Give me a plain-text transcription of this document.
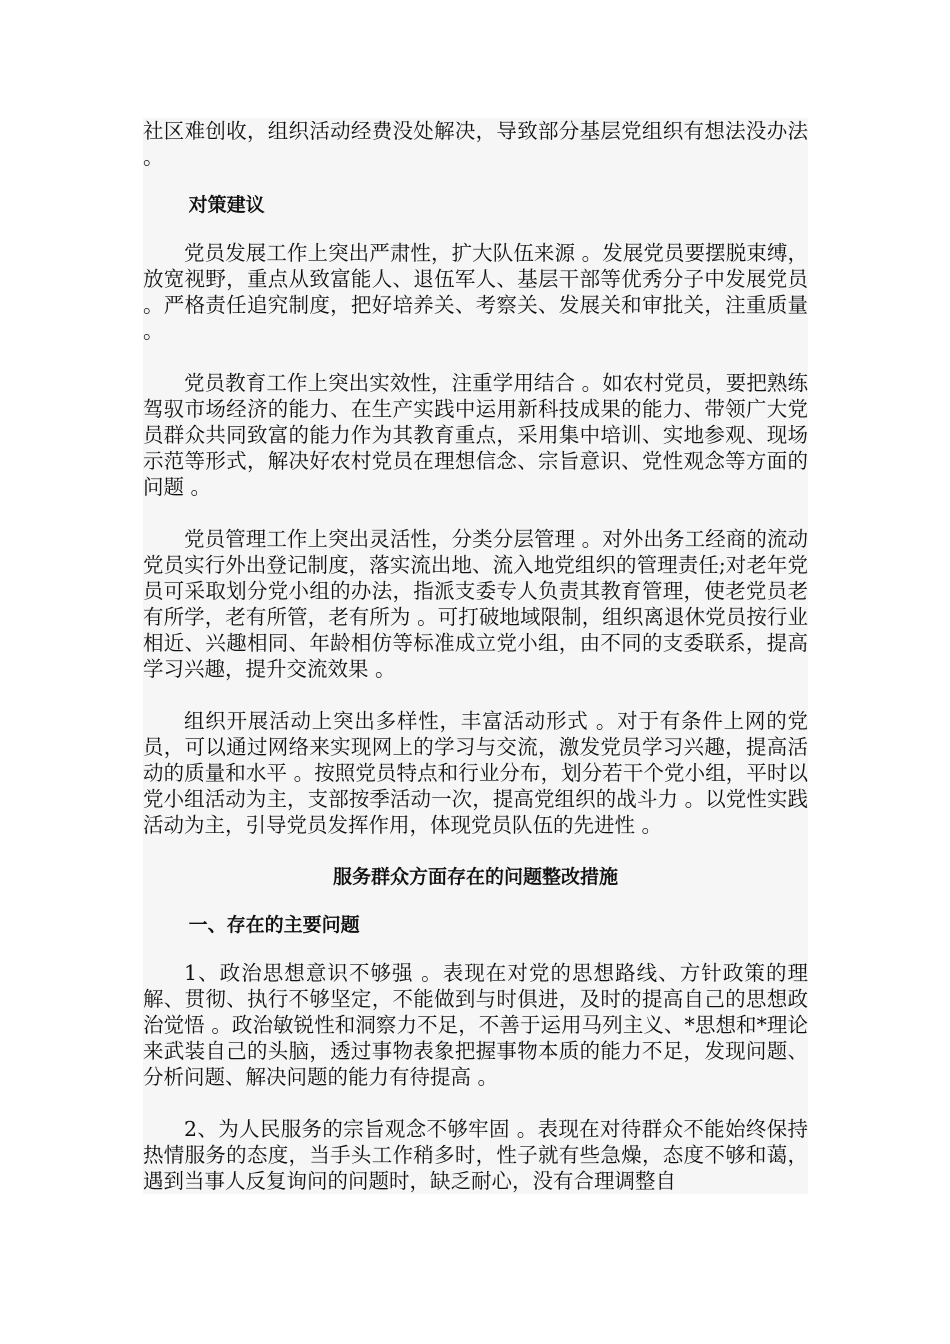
社区难创收，组织活动经费没处解决，导致部分基层党组织有想法没办法 。

对策建议

党员发展工作上突出严肃性，扩大队伍来源 。发展党员要摆脱束缚，放宽视野，重点从致富能人、退伍军人、基层干部等优秀分子中发展党员 。严格责任追究制度，把好培养关、考察关、发展关和审批关，注重质量 。

党员教育工作上突出实效性，注重学用结合 。如农村党员，要把熟练驾驭市场经济的能力、在生产实践中运用新科技成果的能力、带领广大党员群众共同致富的能力作为其教育重点，采用集中培训、实地参观、现场示范等形式，解决好农村党员在理想信念、宗旨意识、党性观念等方面的问题 。

党员管理工作上突出灵活性，分类分层管理 。对外出务工经商的流动党员实行外出登记制度，落实流出地、流入地党组织的管理责任;对老年党员可采取划分党小组的办法，指派支委专人负责其教育管理，使老党员老有所学，老有所管，老有所为 。可打破地域限制，组织离退休党员按行业相近、兴趣相同、年龄相仿等标准成立党小组，由不同的支委联系，提高学习兴趣，提升交流效果 。

组织开展活动上突出多样性，丰富活动形式 。对于有条件上网的党员，可以通过网络来实现网上的学习与交流，激发党员学习兴趣，提高活动的质量和水平 。按照党员特点和行业分布，划分若干个党小组，平时以党小组活动为主，支部按季活动一次，提高党组织的战斗力 。以党性实践活动为主，引导党员发挥作用，体现党员队伍的先进性 。

服务群众方面存在的问题整改措施

一、存在的主要问题

1、政治思想意识不够强 。表现在对党的思想路线、方针政策的理解、贯彻、执行不够坚定，不能做到与时俱进，及时的提高自己的思想政治觉悟 。政治敏锐性和洞察力不足，不善于运用马列主义、*思想和*理论来武装自己的头脑，透过事物表象把握事物本质的能力不足，发现问题、分析问题、解决问题的能力有待提高 。

2、为人民服务的宗旨观念不够牢固 。表现在对待群众不能始终保持热情服务的态度，当手头工作稍多时，性子就有些急燥，态度不够和蔼，遇到当事人反复询问的问题时，缺乏耐心，没有合理调整自
